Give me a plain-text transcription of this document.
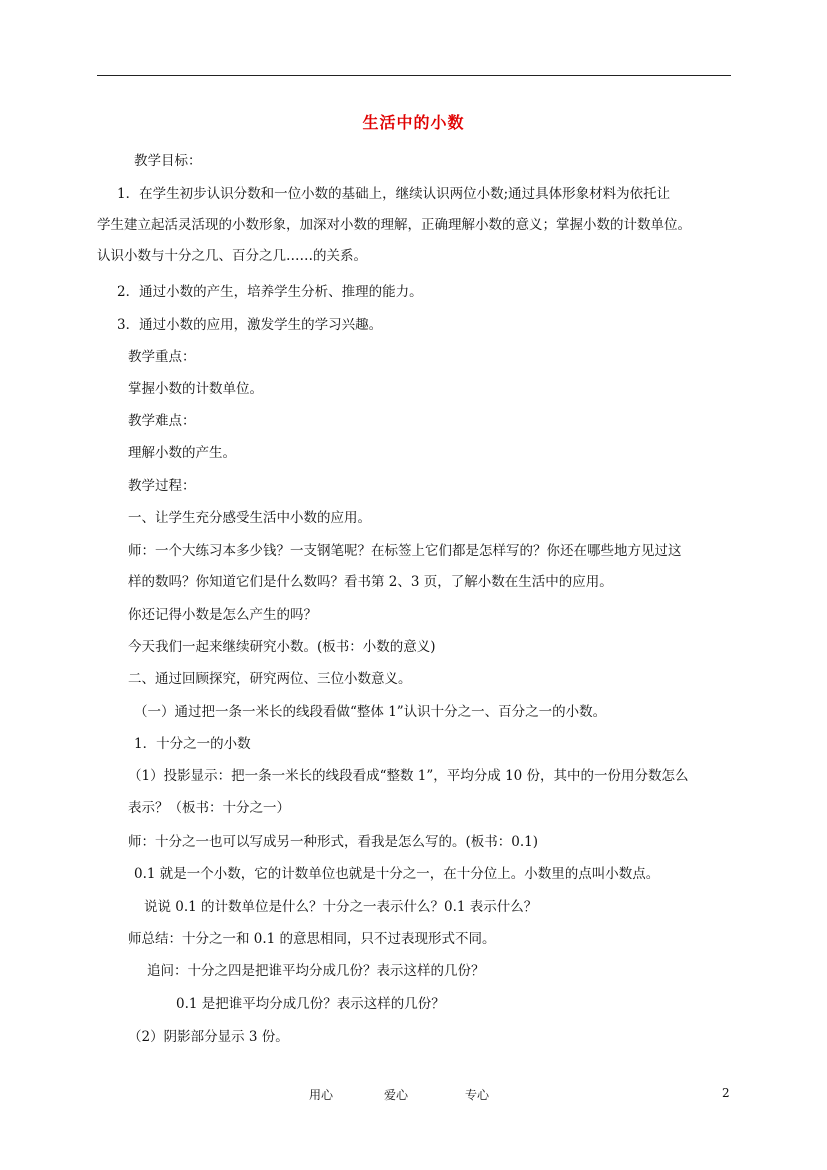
生活中的小数
教学目标：
1．在学生初步认识分数和一位小数的基础上，继续认识两位小数;通过具体形象材料为依托让
学生建立起活灵活现的小数形象，加深对小数的理解，正确理解小数的意义；掌握小数的计数单位。
认识小数与十分之几、百分之几……的关系。
2．通过小数的产生，培养学生分析、推理的能力。
3．通过小数的应用，激发学生的学习兴趣。
教学重点：
掌握小数的计数单位。
教学难点：
理解小数的产生。
教学过程：
一、让学生充分感受生活中小数的应用。
师：一个大练习本多少钱？一支钢笔呢？在标签上它们都是怎样写的？你还在哪些地方见过这
样的数吗？你知道它们是什么数吗？看书第 2、3 页，了解小数在生活中的应用。
你还记得小数是怎么产生的吗？
今天我们一起来继续研究小数。(板书：小数的意义)
二、通过回顾探究，研究两位、三位小数意义。
（一）通过把一条一米长的线段看做“整体 1”认识十分之一、百分之一的小数。
1．十分之一的小数
（1）投影显示：把一条一米长的线段看成“整数 1”，平均分成 10 份，其中的一份用分数怎么
表示？（板书：十分之一）
师：十分之一也可以写成另一种形式，看我是怎么写的。(板书：0.1)
0.1 就是一个小数，它的计数单位也就是十分之一，在十分位上。小数里的点叫小数点。
说说 0.1 的计数单位是什么？十分之一表示什么？0.1 表示什么？
师总结：十分之一和 0.1 的意思相同，只不过表现形式不同。
追问：十分之四是把谁平均分成几份？表示这样的几份？
0.1 是把谁平均分成几份？表示这样的几份？
（2）阴影部分显示 3 份。
用心	爱心	专心	2
